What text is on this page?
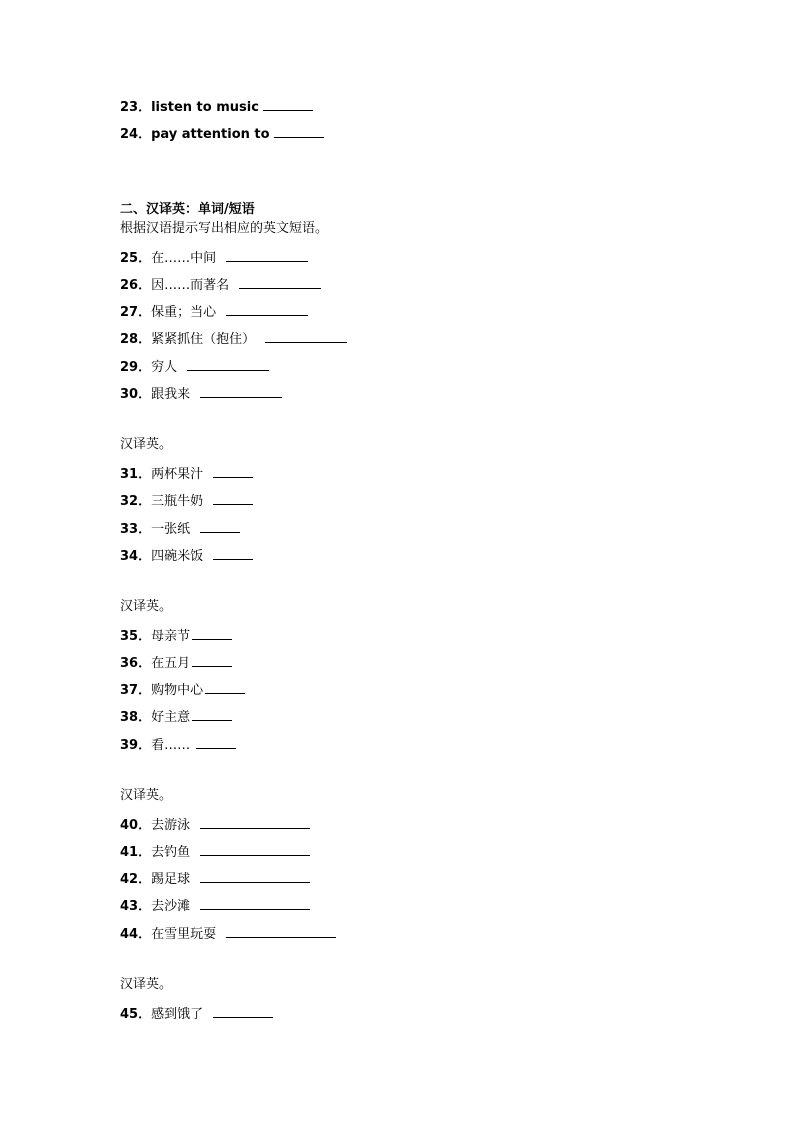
23．listen to music
24．pay attention to
二、汉译英：单词/短语
根据汉语提示写出相应的英文短语。
25．在……中间
26．因……而著名
27．保重；当心
28．紧紧抓住（抱住）
29．穷人
30．跟我来
汉译英。
31．两杯果汁
32．三瓶牛奶
33．一张纸
34．四碗米饭
汉译英。
35．母亲节
36．在五月
37．购物中心
38．好主意
39．看……
汉译英。
40．去游泳
41．去钓鱼
42．踢足球
43．去沙滩
44．在雪里玩耍
汉译英。
45．感到饿了
